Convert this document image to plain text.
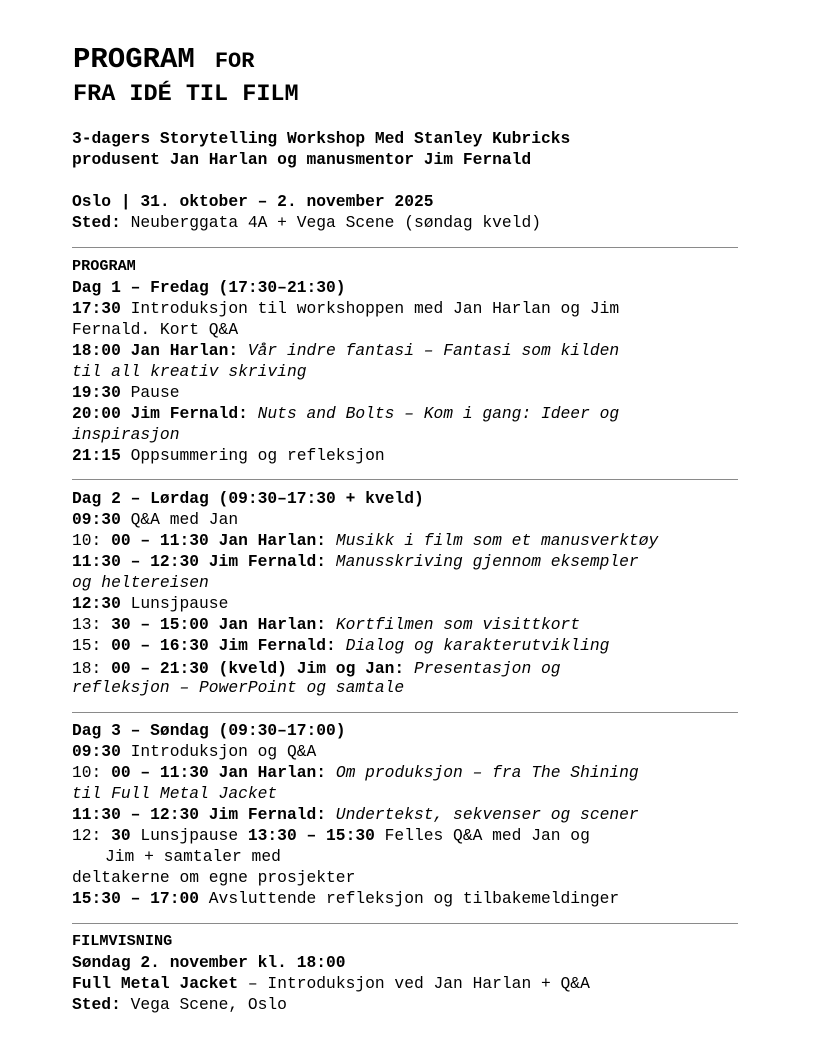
PROGRAM FOR
FRA IDÉ TIL FILM
3-dagers Storytelling Workshop Med Stanley Kubricks
produsent Jan Harlan og manusmentor Jim Fernald
Oslo | 31. oktober – 2. november 2025
Sted: Neuberggata 4A + Vega Scene (søndag kveld)
PROGRAM
Dag 1 – Fredag (17:30–21:30)
17:30 Introduksjon til workshoppen med Jan Harlan og Jim
Fernald. Kort Q&A
18:00 Jan Harlan: Vår indre fantasi – Fantasi som kilden
til all kreativ skriving
19:30 Pause
20:00 Jim Fernald: Nuts and Bolts – Kom i gang: Ideer og
inspirasjon
21:15 Oppsummering og refleksjon
Dag 2 – Lørdag (09:30–17:30 + kveld)
09:30 Q&A med Jan
10: 00 – 11:30 Jan Harlan: Musikk i film som et manusverktøy
11:30 – 12:30 Jim Fernald: Manusskriving gjennom eksempler
og heltereisen
12:30 Lunsjpause
13: 30 – 15:00 Jan Harlan: Kortfilmen som visittkort
15: 00 – 16:30 Jim Fernald: Dialog og karakterutvikling
18: 00 – 21:30 (kveld) Jim og Jan: Presentasjon og
refleksjon – PowerPoint og samtale
Dag 3 – Søndag (09:30–17:00)
09:30 Introduksjon og Q&A
10: 00 – 11:30 Jan Harlan: Om produksjon – fra The Shining
til Full Metal Jacket
11:30 – 12:30 Jim Fernald: Undertekst, sekvenser og scener
12: 30 Lunsjpause 13:30 – 15:30 Felles Q&A med Jan og
Jim + samtaler med
deltakerne om egne prosjekter
15:30 – 17:00 Avsluttende refleksjon og tilbakemeldinger
FILMVISNING
Søndag 2. november kl. 18:00
Full Metal Jacket – Introduksjon ved Jan Harlan + Q&A
Sted: Vega Scene, Oslo
